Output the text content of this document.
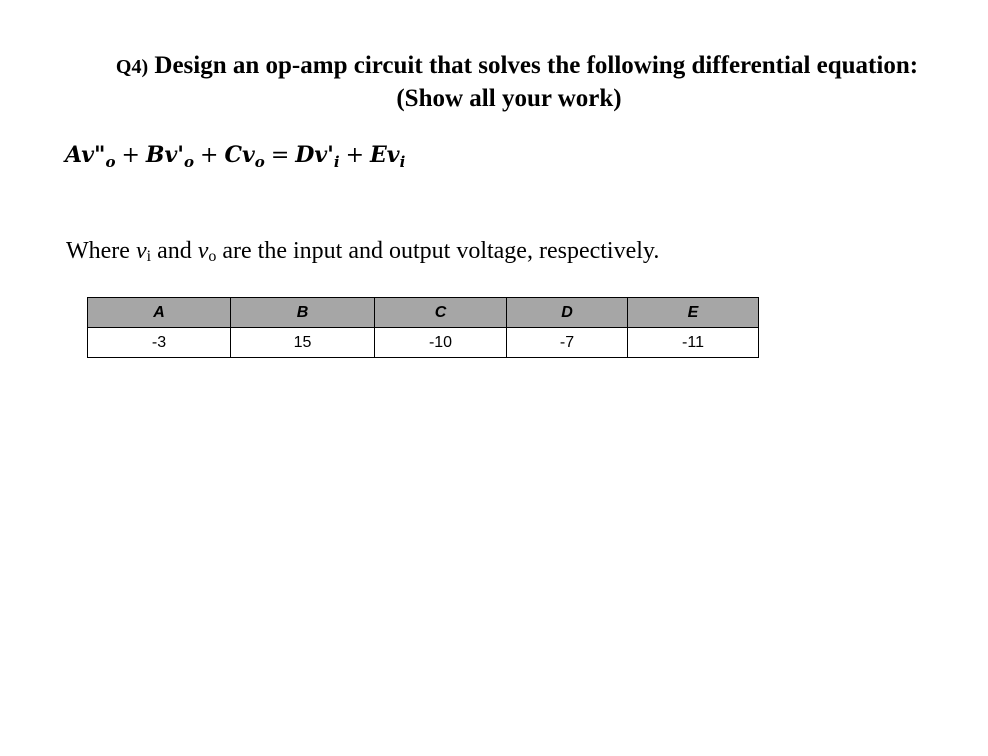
Q4) Design an op-amp circuit that solves the following differential equation:
(Show all your work)
$Av"_o + Bv'_o + Cv_o = Dv'_i + Ev_i$
Where $v_i$ and $v_o$ are the input and output voltage, respectively.
A	B	C	D	E
-3	15	-10	-7	-11
